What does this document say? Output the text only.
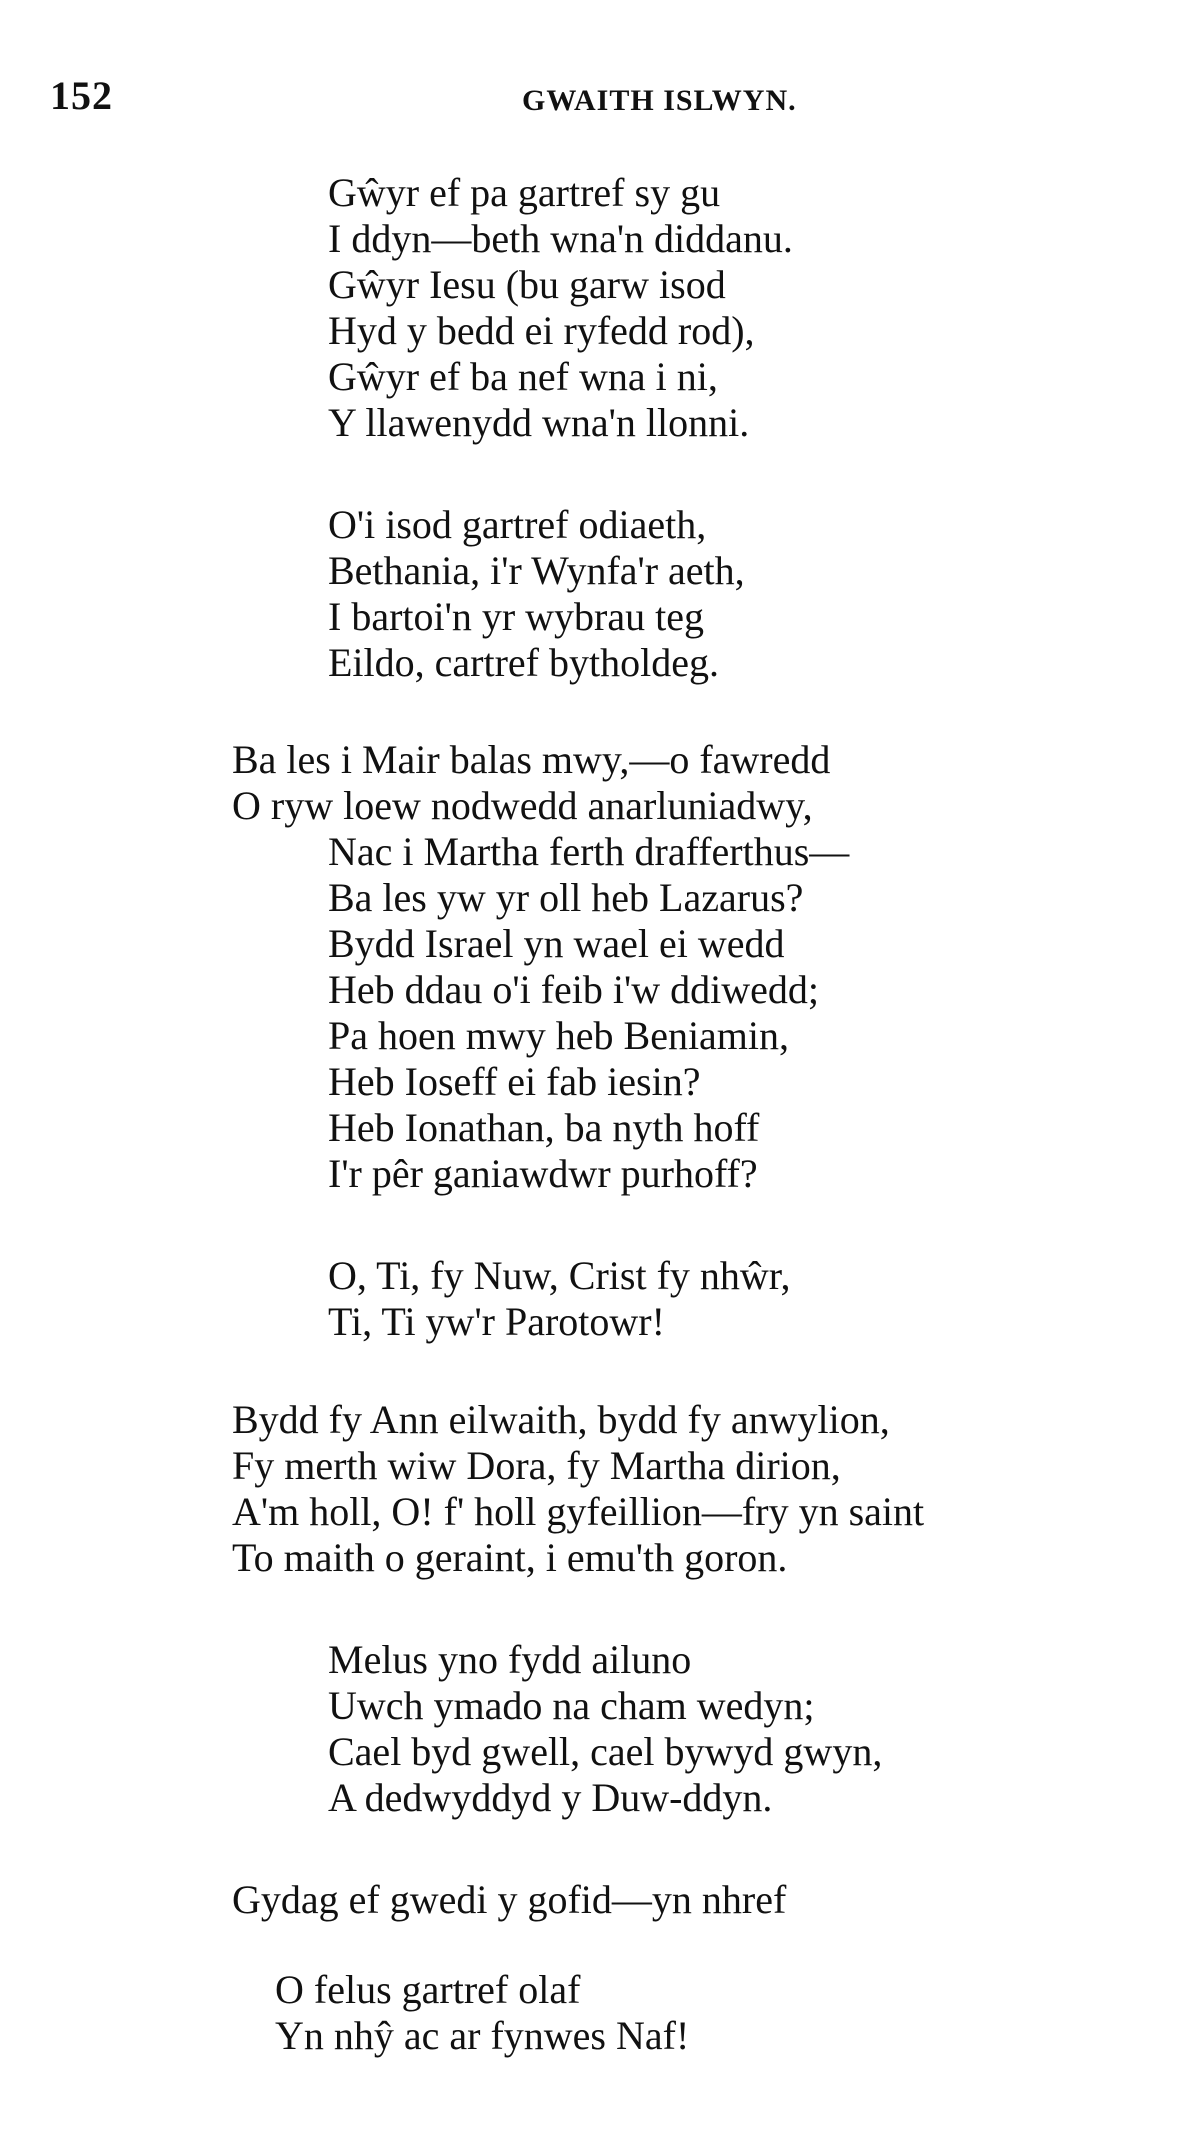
152	GWAITH ISLWYN.
Gŵyr ef pa gartref sy gu
I ddyn—beth wna'n diddanu.
Gŵyr Iesu (bu garw isod
Hyd y bedd ei ryfedd rod),
Gŵyr ef ba nef wna i ni,
Y llawenydd wna'n llonni.
O'i isod gartref odiaeth,
Bethania, i'r Wynfa'r aeth,
I bartoi'n yr wybrau teg
Eildo, cartref bytholdeg.
Ba les i Mair balas mwy,—o fawredd
O ryw loew nodwedd anarluniadwy,
Nac i Martha ferth drafferthus—
Ba les yw yr oll heb Lazarus?
Bydd Israel yn wael ei wedd
Heb ddau o'i feib i'w ddiwedd;
Pa hoen mwy heb Beniamin,
Heb Ioseff ei fab iesin?
Heb Ionathan, ba nyth hoff
I'r pêr ganiawdwr purhoff?
O, Ti, fy Nuw, Crist fy nhŵr,
Ti, Ti yw'r Parotowr!
Bydd fy Ann eilwaith, bydd fy anwylion,
Fy merth wiw Dora, fy Martha dirion,
A'm holl, O! f' holl gyfeillion—fry yn saint
To maith o geraint, i emu'th goron.
Melus yno fydd ailuno
Uwch ymado na cham wedyn;
Cael byd gwell, cael bywyd gwyn,
A dedwyddyd y Duw-ddyn.
Gydag ef gwedi y gofid—yn nhref
O felus gartref olaf
Yn nhŷ ac ar fynwes Naf!
